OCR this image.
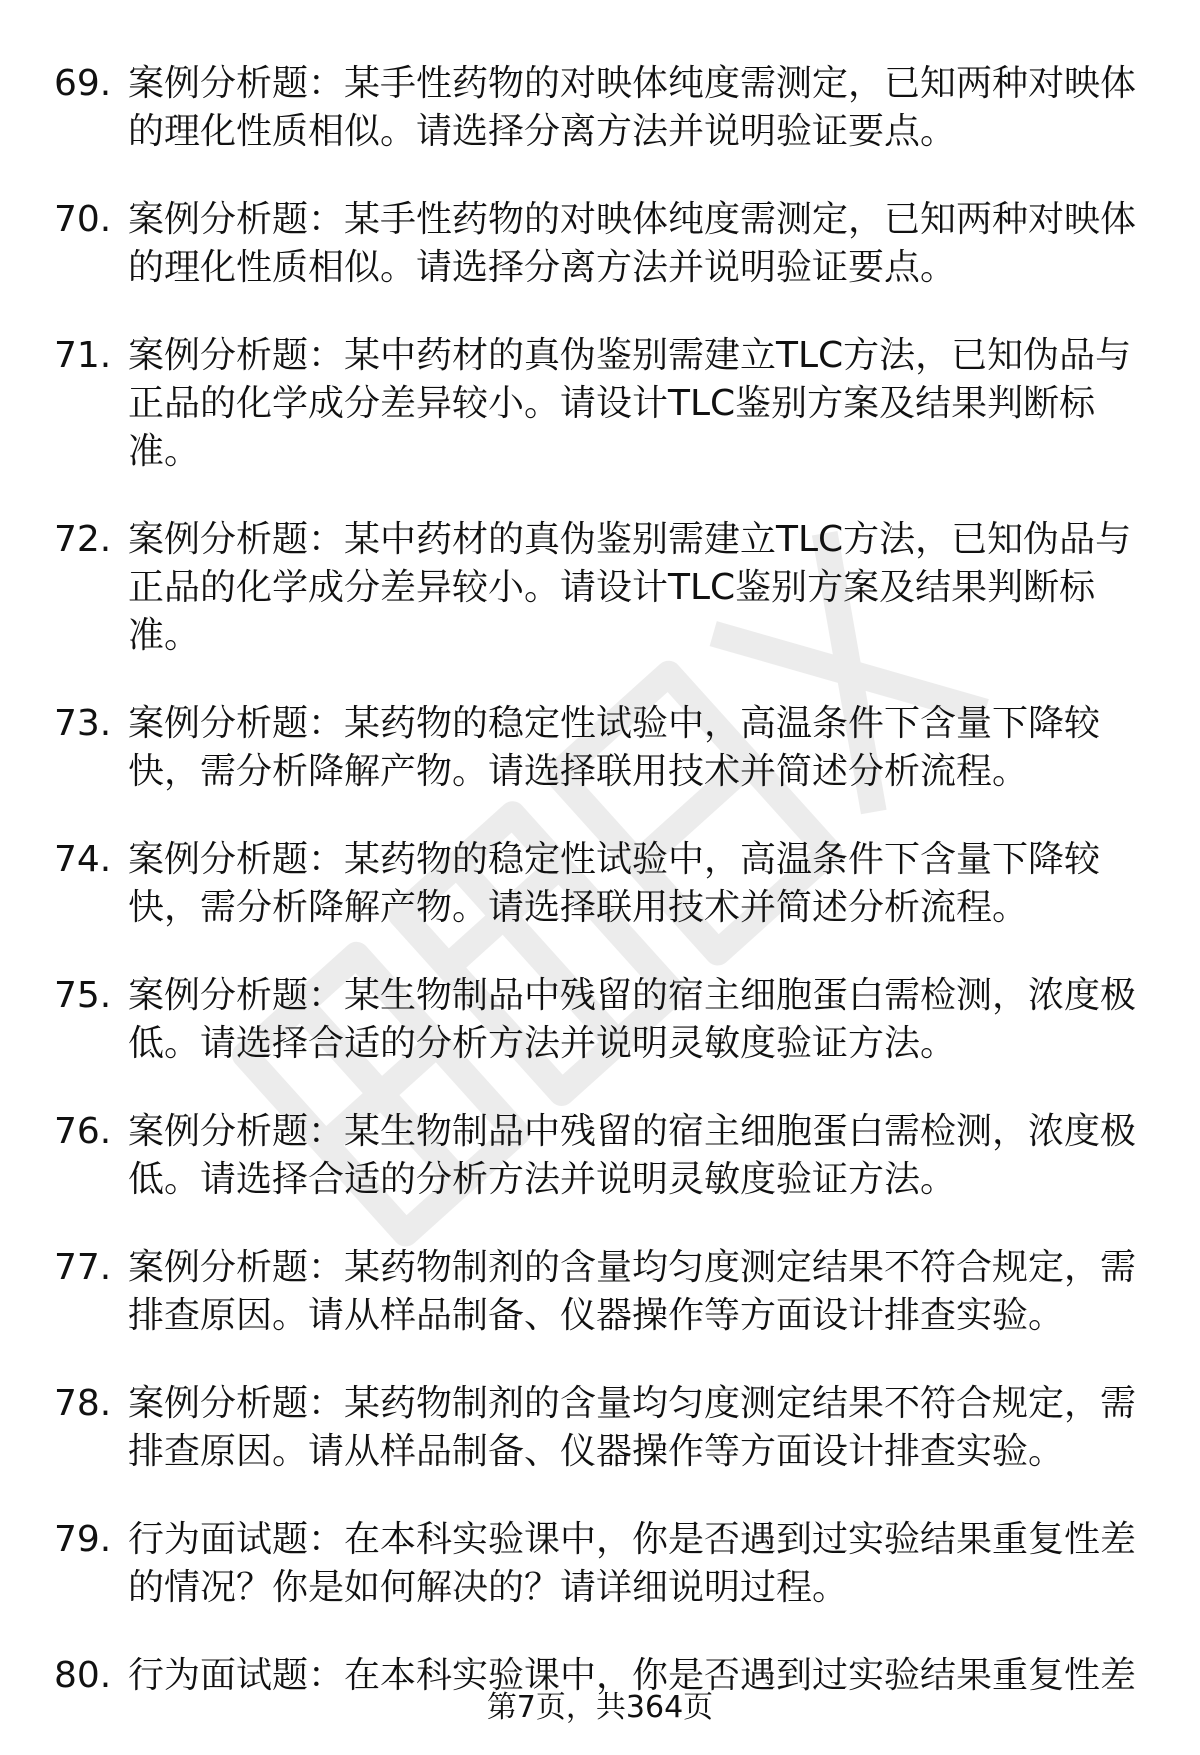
69. 案例分析题：某手性药物的对映体纯度需测定，已知两种对映体的理化性质相似。请选择分离方法并说明验证要点。
70. 案例分析题：某手性药物的对映体纯度需测定，已知两种对映体的理化性质相似。请选择分离方法并说明验证要点。
71. 案例分析题：某中药材的真伪鉴别需建立TLC方法，已知伪品与正品的化学成分差异较小。请设计TLC鉴别方案及结果判断标准。
72. 案例分析题：某中药材的真伪鉴别需建立TLC方法，已知伪品与正品的化学成分差异较小。请设计TLC鉴别方案及结果判断标准。
73. 案例分析题：某药物的稳定性试验中，高温条件下含量下降较快，需分析降解产物。请选择联用技术并简述分析流程。
74. 案例分析题：某药物的稳定性试验中，高温条件下含量下降较快，需分析降解产物。请选择联用技术并简述分析流程。
75. 案例分析题：某生物制品中残留的宿主细胞蛋白需检测，浓度极低。请选择合适的分析方法并说明灵敏度验证方法。
76. 案例分析题：某生物制品中残留的宿主细胞蛋白需检测，浓度极低。请选择合适的分析方法并说明灵敏度验证方法。
77. 案例分析题：某药物制剂的含量均匀度测定结果不符合规定，需排查原因。请从样品制备、仪器操作等方面设计排查实验。
78. 案例分析题：某药物制剂的含量均匀度测定结果不符合规定，需排查原因。请从样品制备、仪器操作等方面设计排查实验。
79. 行为面试题：在本科实验课中，你是否遇到过实验结果重复性差的情况？你是如何解决的？请详细说明过程。
80. 行为面试题：在本科实验课中，你是否遇到过实验结果重复性差
第7页，共364页
